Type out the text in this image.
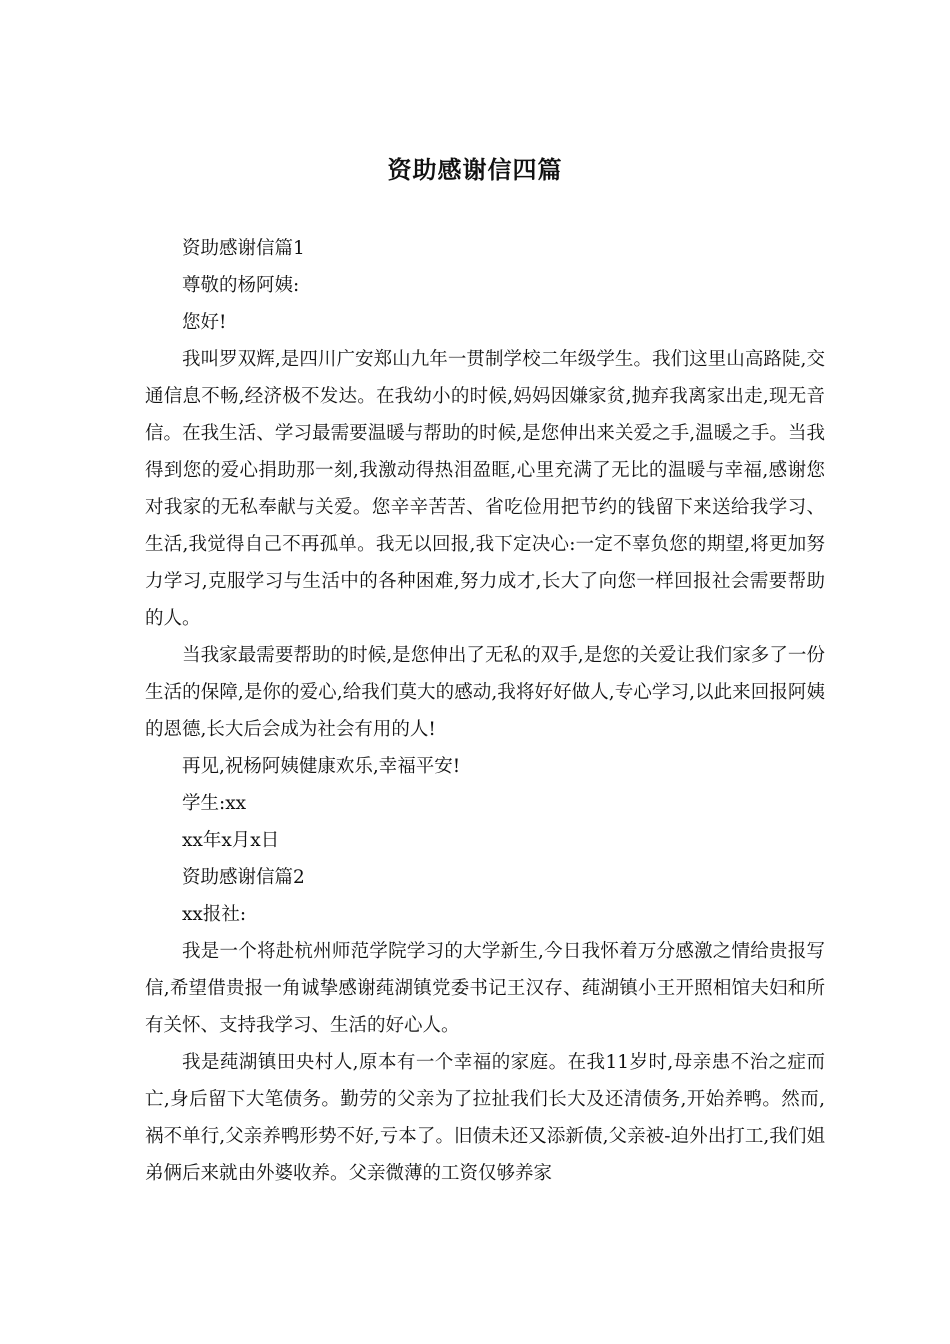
资助感谢信四篇

资助感谢信篇1

尊敬的杨阿姨:

您好!

我叫罗双辉,是四川广安郑山九年一贯制学校二年级学生。我们这里山高路陡,交通信息不畅,经济极不发达。在我幼小的时候,妈妈因嫌家贫,抛弃我离家出走,现无音信。在我生活、学习最需要温暖与帮助的时候,是您伸出来关爱之手,温暖之手。当我得到您的爱心捐助那一刻,我激动得热泪盈眶,心里充满了无比的温暖与幸福,感谢您对我家的无私奉献与关爱。您辛辛苦苦、省吃俭用把节约的钱留下来送给我学习、生活,我觉得自己不再孤单。我无以回报,我下定决心:一定不辜负您的期望,将更加努力学习,克服学习与生活中的各种困难,努力成才,长大了向您一样回报社会需要帮助的人。

当我家最需要帮助的时候,是您伸出了无私的双手,是您的关爱让我们家多了一份生活的保障,是你的爱心,给我们莫大的感动,我将好好做人,专心学习,以此来回报阿姨的恩德,长大后会成为社会有用的人!

再见,祝杨阿姨健康欢乐,幸福平安!

学生:xx

xx年x月x日

资助感谢信篇2

xx报社:

我是一个将赴杭州师范学院学习的大学新生,今日我怀着万分感激之情给贵报写信,希望借贵报一角诚挚感谢莼湖镇党委书记王汉存、莼湖镇小王开照相馆夫妇和所有关怀、支持我学习、生活的好心人。

我是莼湖镇田央村人,原本有一个幸福的家庭。在我11岁时,母亲患不治之症而亡,身后留下大笔债务。勤劳的父亲为了拉扯我们长大及还清债务,开始养鸭。然而,祸不单行,父亲养鸭形势不好,亏本了。旧债未还又添新债,父亲被-迫外出打工,我们姐弟俩后来就由外婆收养。父亲微薄的工资仅够养家
